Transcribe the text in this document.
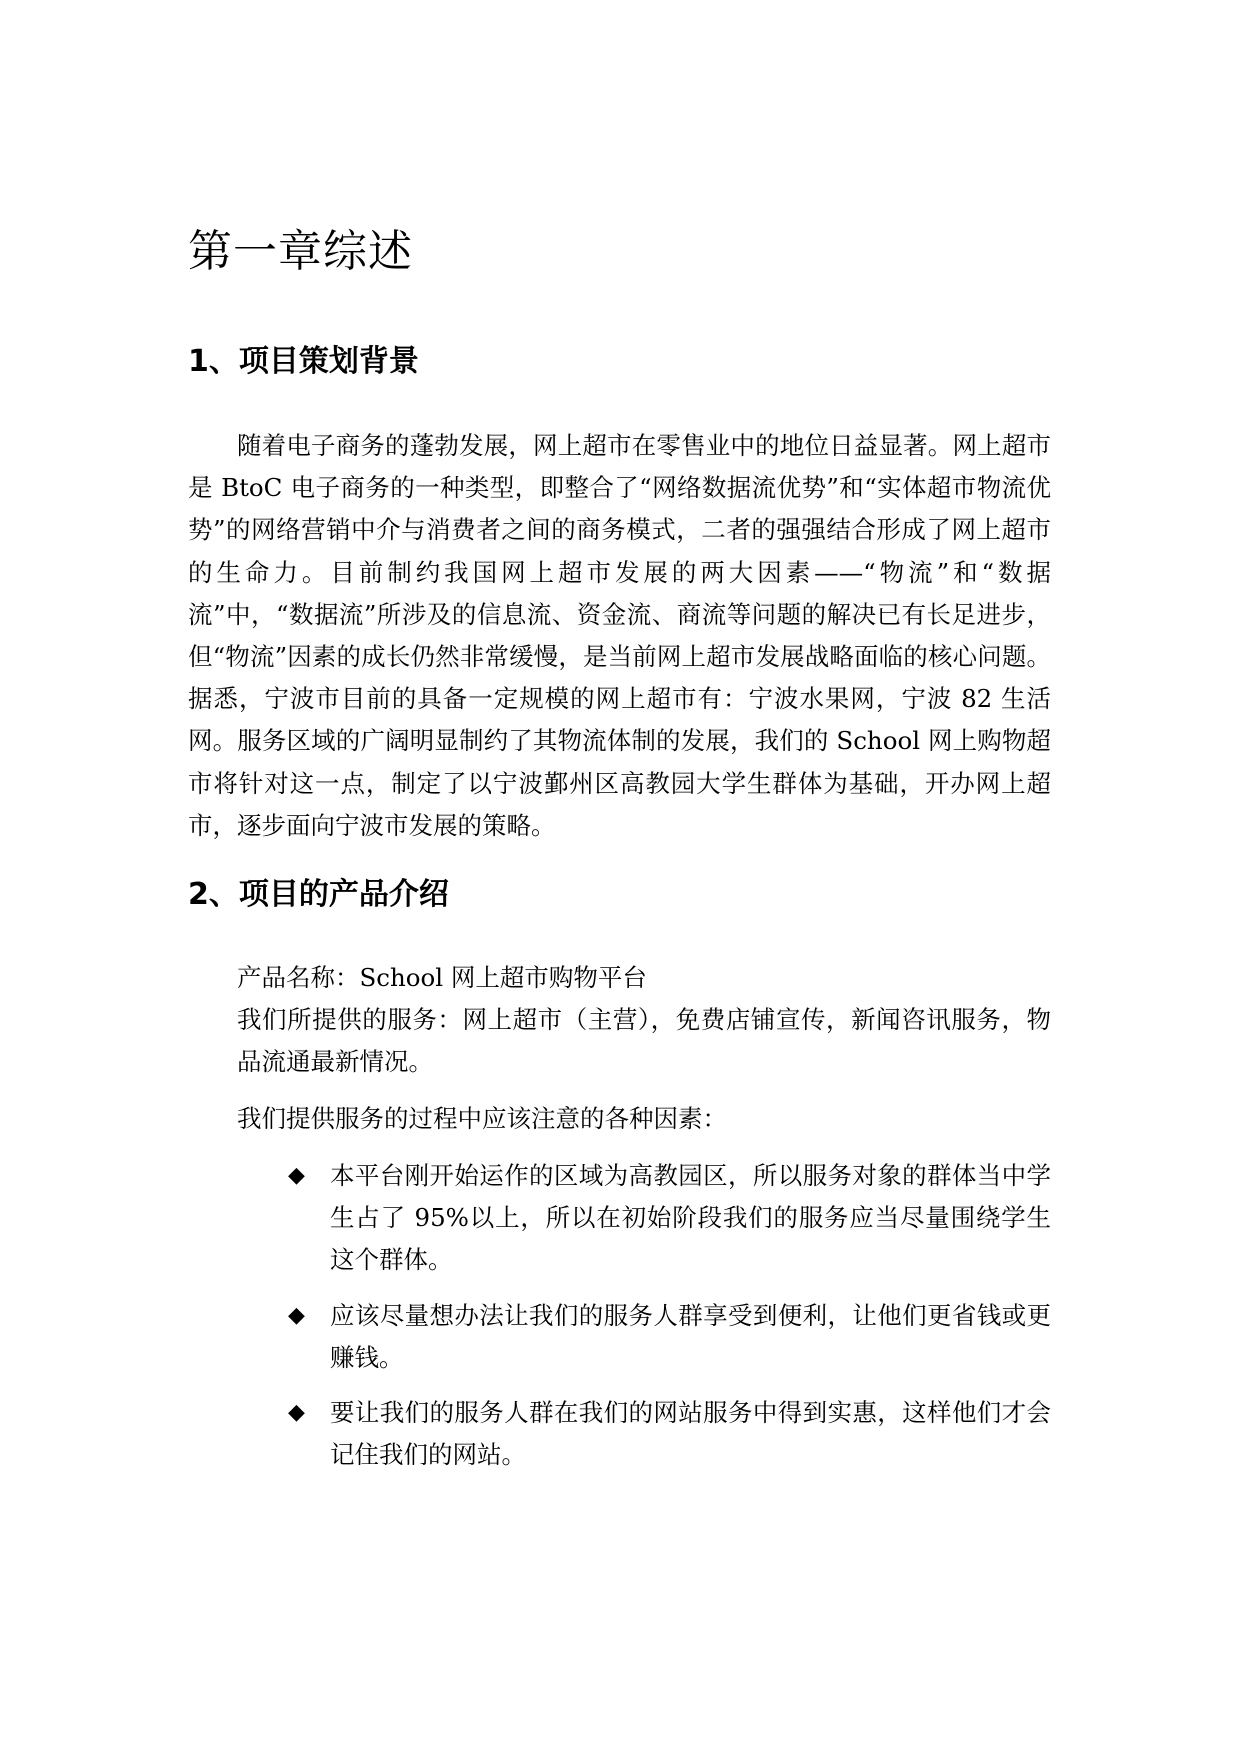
第一章综述
1、项目策划背景

随着电子商务的蓬勃发展，网上超市在零售业中的地位日益显著。网上超市是 BtoC 电子商务的一种类型，即整合了“网络数据流优势”和“实体超市物流优势”的网络营销中介与消费者之间的商务模式，二者的强强结合形成了网上超市的生命力。目前制约我国网上超市发展的两大因素——“物流”和“数据流”中，“数据流”所涉及的信息流、资金流、商流等问题的解决已有长足进步，但“物流”因素的成长仍然非常缓慢，是当前网上超市发展战略面临的核心问题。据悉，宁波市目前的具备一定规模的网上超市有：宁波水果网，宁波 82 生活网。服务区域的广阔明显制约了其物流体制的发展，我们的 School 网上购物超市将针对这一点，制定了以宁波鄞州区高教园大学生群体为基础，开办网上超市，逐步面向宁波市发展的策略。

2、项目的产品介绍

产品名称：School 网上超市购物平台

我们所提供的服务：网上超市（主营），免费店铺宣传，新闻咨讯服务，物品流通最新情况。

我们提供服务的过程中应该注意的各种因素：

◆ 本平台刚开始运作的区域为高教园区，所以服务对象的群体当中学生占了 95%以上，所以在初始阶段我们的服务应当尽量围绕学生这个群体。
◆ 应该尽量想办法让我们的服务人群享受到便利，让他们更省钱或更赚钱。
◆ 要让我们的服务人群在我们的网站服务中得到实惠，这样他们才会记住我们的网站。
